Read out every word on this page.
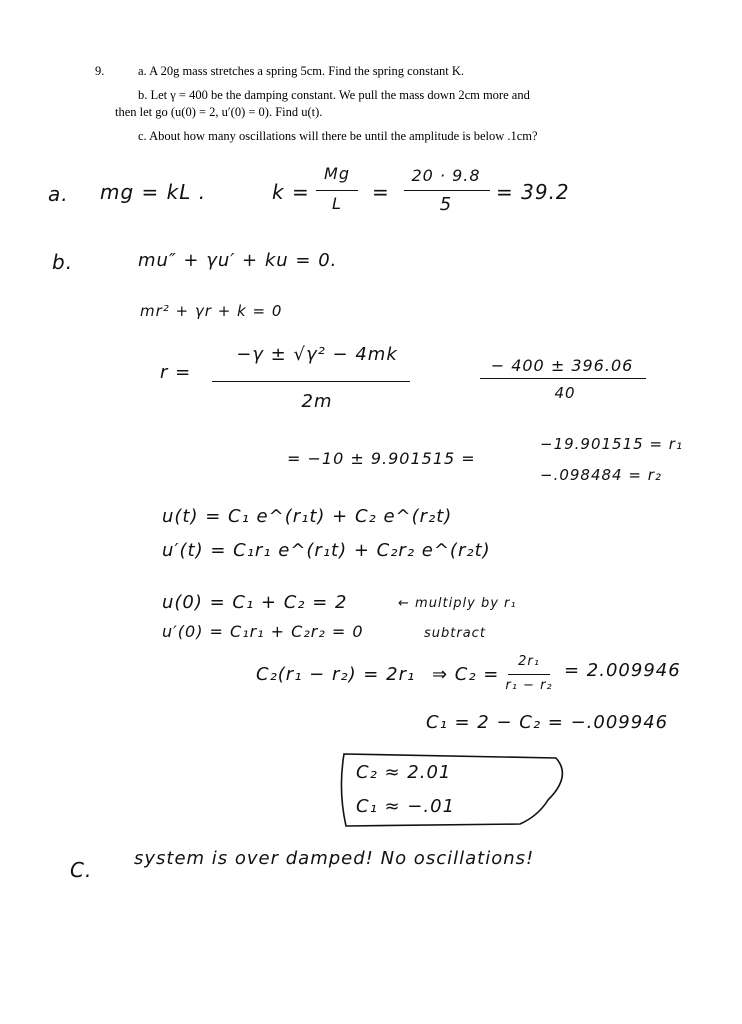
9.	a. A 20g mass stretches a spring 5cm. Find the spring constant K.
b. Let γ = 400 be the damping constant. We pull the mass down 2cm more and
then let go (u(0) = 2, u′(0) = 0). Find u(t).
c. About how many oscillations will there be until the amplitude is below .1cm?
a. mg = kL .	k =
Mg
L	=
20 · 9.8
5
= 39.2
b.	mu″ + γu′ + ku = 0.
mr² + γr + k = 0
r =
−γ ± √γ² − 4mk
2m
− 400 ± 396.06
40
= −10 ± 9.901515 =
−19.901515 = r₁
−.098484 = r₂
u(t) = C₁ e^(r₁t) + C₂ e^(r₂t)
u′(t) = C₁r₁ e^(r₁t) + C₂r₂ e^(r₂t)
u(0) = C₁ + C₂ = 2	← multiply by r₁
u′(0) = C₁r₁ + C₂r₂ = 0	subtract
C₂(r₁ − r₂) = 2r₁ ⇒ C₂ =
2r₁
r₁ − r₂
= 2.009946
C₁ = 2 − C₂ = −.009946
C₂ ≈ 2.01
C₁ ≈ −.01
C. system is over damped! No oscillations!
